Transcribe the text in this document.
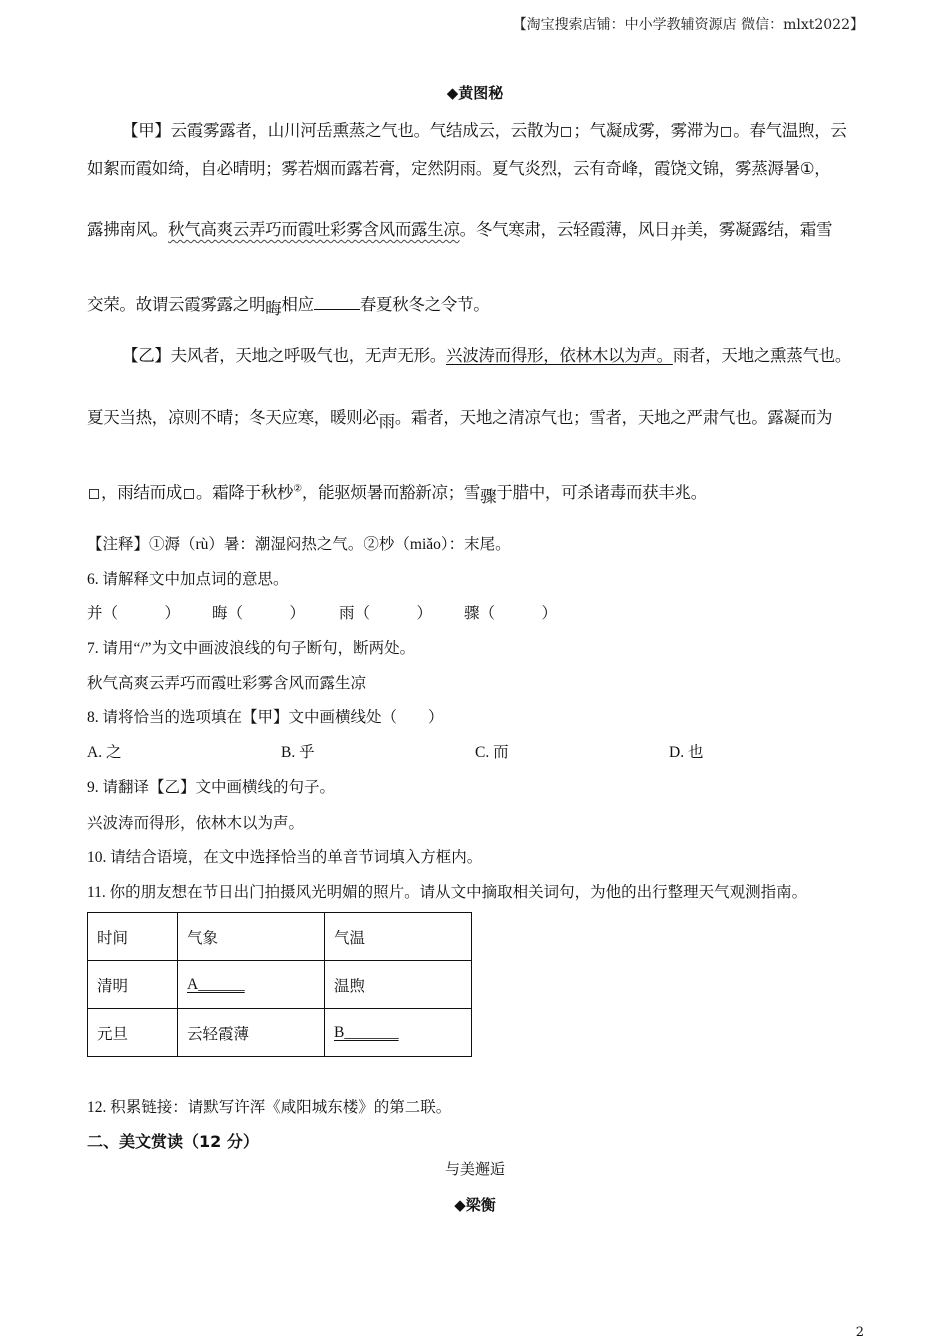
【淘宝搜索店铺：中小学教辅资源店 微信：mlxt2022】
◆黄图秘
【甲】云霞雾露者，山川河岳熏蒸之气也。气结成云，云散为 ；气凝成雾，雾滞为 。春气温煦，云
如絮而霞如绮，自必晴明；雾若烟而露若膏，定然阴雨。夏气炎烈，云有奇峰，霞饶文锦，雾蒸溽暑①，
露拂南风。秋气高爽云弄巧而霞吐彩雾含风而露生凉。冬气寒肃，云轻霞薄，风日并美，雾凝露结，霜雪
交荣。故谓云霞雾露之明晦相应	春夏秋冬之令节。
【乙】夫风者，天地之呼吸气也，无声无形。兴波涛而得形，依林木以为声。雨者，天地之熏蒸气也。
夏天当热，凉则不晴；冬天应寒，暖则必雨。霜者，天地之清凉气也；雪者，天地之严肃气也。露凝而为
，雨结而成 。霜降于秋杪②，能驱烦暑而豁新凉；雪骤于腊中，可杀诸毒而获丰兆。
【注释】①溽（rù）暑：潮湿闷热之气。②杪（miǎo）：末尾。
6. 请解释文中加点词的意思。
并（　　　） 晦（　　　） 雨（　　　） 骤（　　　）
7. 请用“/”为文中画波浪线的句子断句，断两处。
秋气高爽云弄巧而霞吐彩雾含风而露生凉
8. 请将恰当的选项填在【甲】文中画横线处（　　）
A. 之	B. 乎	C. 而	D. 也
9. 请翻译【乙】文中画横线的句子。
兴波涛而得形，依林木以为声。
10. 请结合语境，在文中选择恰当的单音节词填入方框内。
11. 你的朋友想在节日出门拍摄风光明媚的照片。请从文中摘取相关词句，为他的出行整理天气观测指南。
时间	气象	气温
清明	A______	温煦
元旦	云轻霞薄	B_______
12. 积累链接：请默写许浑《咸阳城东楼》的第二联。
二、美文赏读（12 分）
与美邂逅
◆梁衡
2
